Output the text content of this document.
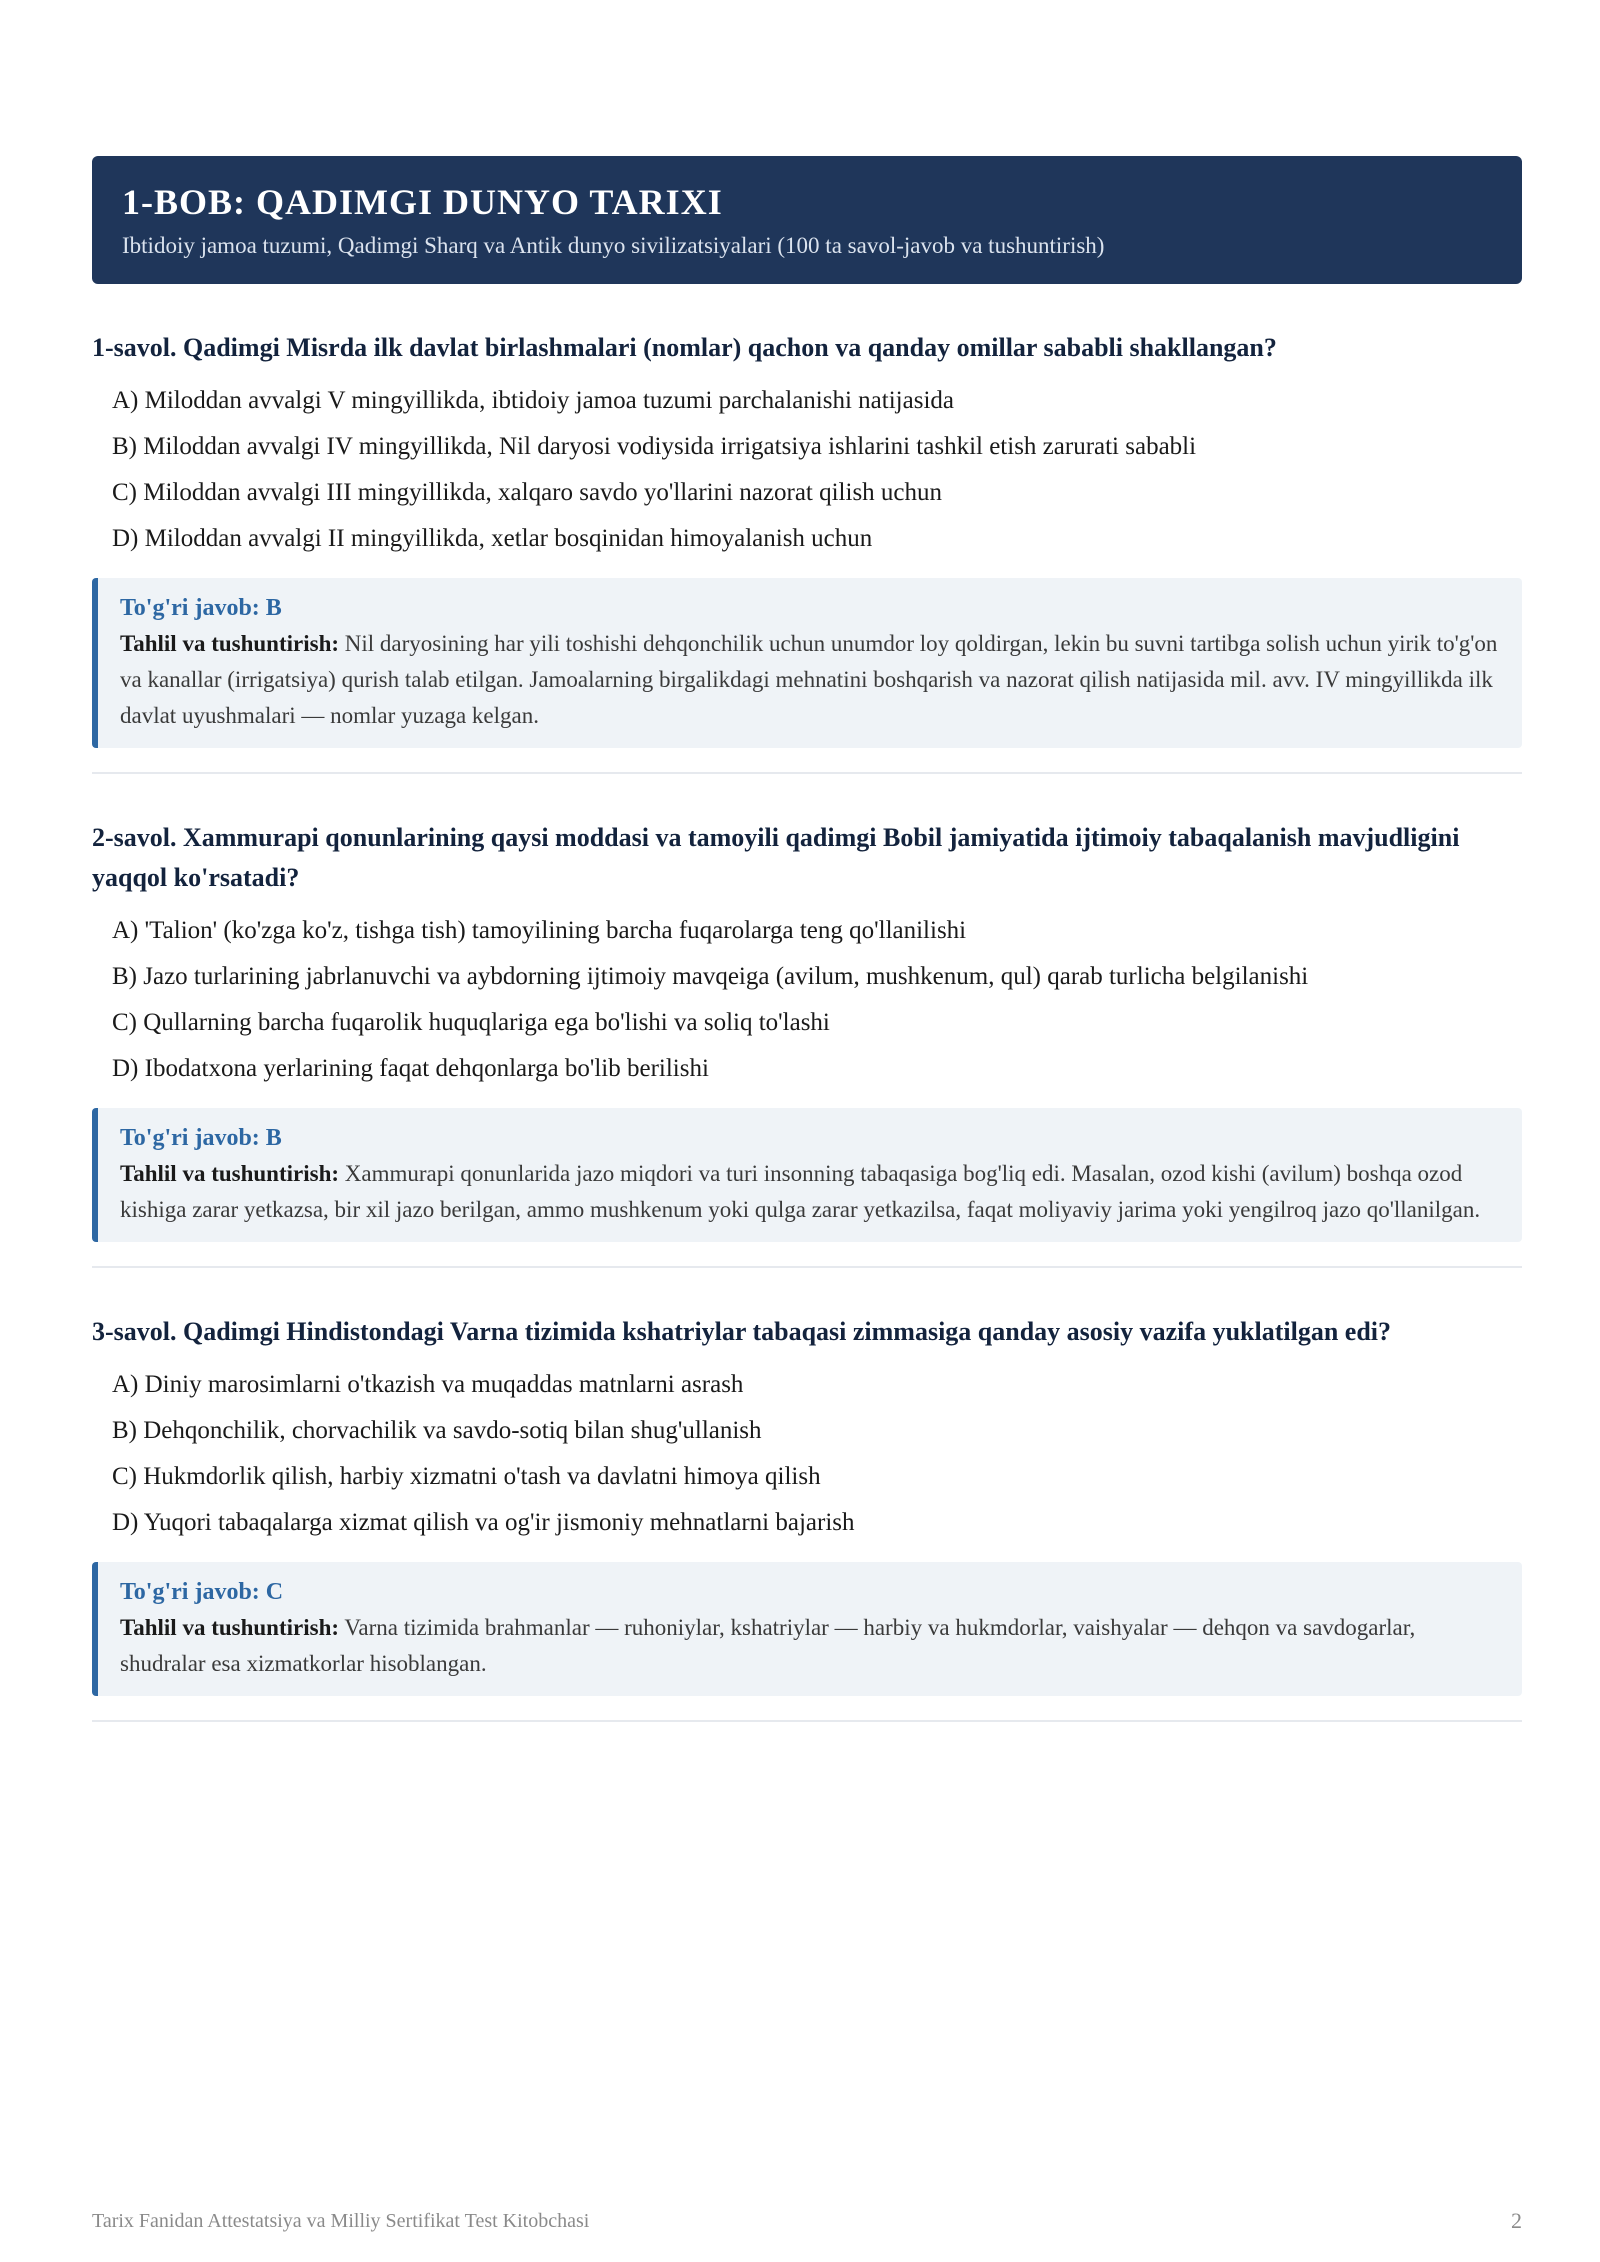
1-BOB: QADIMGI DUNYO TARIXI
Ibtidoiy jamoa tuzumi, Qadimgi Sharq va Antik dunyo sivilizatsiyalari (100 ta savol-javob va tushuntirish)

1-savol. Qadimgi Misrda ilk davlat birlashmalari (nomlar) qachon va qanday omillar sababli shakllangan?

A) Miloddan avvalgi V mingyillikda, ibtidoiy jamoa tuzumi parchalanishi natijasida
B) Miloddan avvalgi IV mingyillikda, Nil daryosi vodiysida irrigatsiya ishlarini tashkil etish zarurati sababli
C) Miloddan avvalgi III mingyillikda, xalqaro savdo yo'llarini nazorat qilish uchun
D) Miloddan avvalgi II mingyillikda, xetlar bosqinidan himoyalanish uchun
To'g'ri javob: B
Tahlil va tushuntirish: Nil daryosining har yili toshishi dehqonchilik uchun unumdor loy qoldirgan, lekin bu suvni tartibga solish uchun yirik to'g'on va kanallar (irrigatsiya) qurish talab etilgan. Jamoalarning birgalikdagi mehnatini boshqarish va nazorat qilish natijasida mil. avv. IV mingyillikda ilk davlat uyushmalari — nomlar yuzaga kelgan.

2-savol. Xammurapi qonunlarining qaysi moddasi va tamoyili qadimgi Bobil jamiyatida ijtimoiy tabaqalanish mavjudligini yaqqol ko'rsatadi?

A) 'Talion' (ko'zga ko'z, tishga tish) tamoyilining barcha fuqarolarga teng qo'llanilishi
B) Jazo turlarining jabrlanuvchi va aybdorning ijtimoiy mavqeiga (avilum, mushkenum, qul) qarab turlicha belgilanishi
C) Qullarning barcha fuqarolik huquqlariga ega bo'lishi va soliq to'lashi
D) Ibodatxona yerlarining faqat dehqonlarga bo'lib berilishi
To'g'ri javob: B
Tahlil va tushuntirish: Xammurapi qonunlarida jazo miqdori va turi insonning tabaqasiga bog'liq edi. Masalan, ozod kishi (avilum) boshqa ozod kishiga zarar yetkazsa, bir xil jazo berilgan, ammo mushkenum yoki qulga zarar yetkazilsa, faqat moliyaviy jarima yoki yengilroq jazo qo'llanilgan.

3-savol. Qadimgi Hindistondagi Varna tizimida kshatriylar tabaqasi zimmasiga qanday asosiy vazifa yuklatilgan edi?

A) Diniy marosimlarni o'tkazish va muqaddas matnlarni asrash
B) Dehqonchilik, chorvachilik va savdo-sotiq bilan shug'ullanish
C) Hukmdorlik qilish, harbiy xizmatni o'tash va davlatni himoya qilish
D) Yuqori tabaqalarga xizmat qilish va og'ir jismoniy mehnatlarni bajarish
To'g'ri javob: C
Tahlil va tushuntirish: Varna tizimida brahmanlar — ruhoniylar, kshatriylar — harbiy va hukmdorlar, vaishyalar — dehqon va savdogarlar, shudralar esa xizmatkorlar hisoblangan.
Tarix Fanidan Attestatsiya va Milliy Sertifikat Test Kitobchasi	2
